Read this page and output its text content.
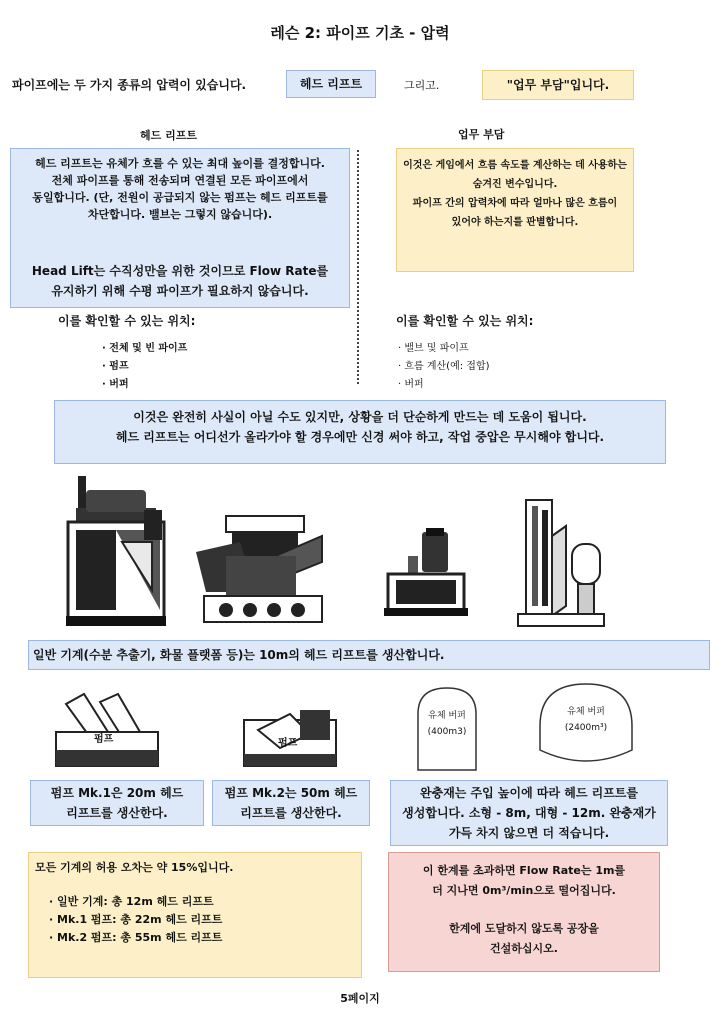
레슨 2: 파이프 기초 - 압력
파이프에는 두 가지 종류의 압력이 있습니다.	헤드 리프트	그리고.	"업무 부담"입니다.
헤드 리프트	업무 부담
헤드 리프트는 유체가 흐를 수 있는 최대 높이를 결정합니다.
전체 파이프를 통해 전송되며 연결된 모든 파이프에서
동일합니다. (단, 전원이 공급되지 않는 펌프는 헤드 리프트를
차단합니다. 밸브는 그렇지 않습니다).
Head Lift는 수직성만을 위한 것이므로 Flow Rate를
유지하기 위해 수평 파이프가 필요하지 않습니다.
이것은 게임에서 흐름 속도를 계산하는 데 사용하는
숨겨진 변수입니다.
파이프 간의 압력차에 따라 얼마나 많은 흐름이
있어야 하는지를 판별합니다.
이를 확인할 수 있는 위치:	이를 확인할 수 있는 위치:
· 전체 및 빈 파이프
· 펌프
· 버퍼
· 밸브 및 파이프
· 흐름 계산(예: 접합)
· 버퍼
이것은 완전히 사실이 아닐 수도 있지만, 상황을 더 단순하게 만드는 데 도움이 됩니다.
헤드 리프트는 어디선가 올라가야 할 경우에만 신경 써야 하고, 작업 중압은 무시해야 합니다.
일반 기계(수분 추출기, 화물 플랫폼 등)는 10m의 헤드 리프트를 생산합니다.
펌프	펌프
유체 버퍼
(400m3)
유체 버퍼
(2400m³)
펌프 Mk.1은 20m 헤드
리프트를 생산한다.
펌프 Mk.2는 50m 헤드
리프트를 생산한다.
완충재는 주입 높이에 따라 헤드 리프트를
생성합니다. 소형 - 8m, 대형 - 12m. 완충재가
가득 차지 않으면 더 적습니다.
모든 기계의 허용 오차는 약 15%입니다.
· 일반 기계: 총 12m 헤드 리프트
· Mk.1 펌프: 총 22m 헤드 리프트
· Mk.2 펌프: 총 55m 헤드 리프트
이 한계를 초과하면 Flow Rate는 1m를
더 지나면 0m³/min으로 떨어집니다.
한계에 도달하지 않도록 공장을
건설하십시오.
5페이지
